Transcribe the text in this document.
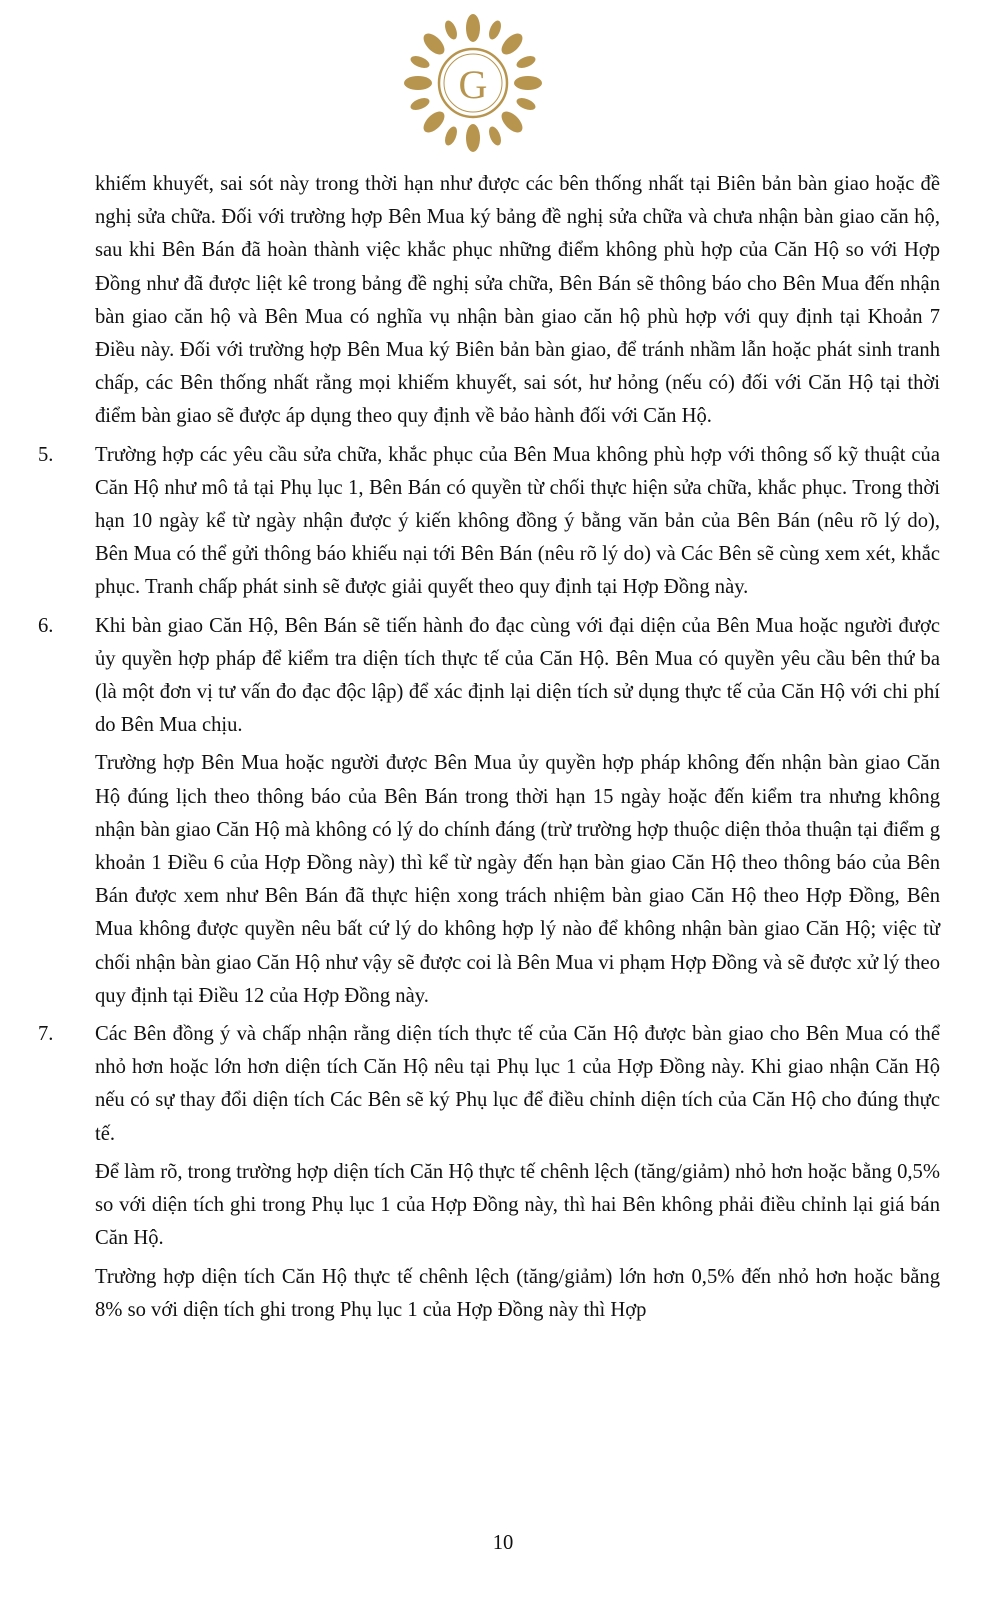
G

khiếm khuyết, sai sót này trong thời hạn như được các bên thống nhất tại Biên bản bàn giao hoặc đề nghị sửa chữa. Đối với trường hợp Bên Mua ký bảng đề nghị sửa chữa và chưa nhận bàn giao căn hộ, sau khi Bên Bán đã hoàn thành việc khắc phục những điểm không phù hợp của Căn Hộ so với Hợp Đồng như đã được liệt kê trong bảng đề nghị sửa chữa, Bên Bán sẽ thông báo cho Bên Mua đến nhận bàn giao căn hộ và Bên Mua có nghĩa vụ nhận bàn giao căn hộ phù hợp với quy định tại Khoản 7 Điều này. Đối với trường hợp Bên Mua ký Biên bản bàn giao, để tránh nhầm lẫn hoặc phát sinh tranh chấp, các Bên thống nhất rằng mọi khiếm khuyết, sai sót, hư hỏng (nếu có) đối với Căn Hộ tại thời điểm bàn giao sẽ được áp dụng theo quy định về bảo hành đối với Căn Hộ.

5. Trường hợp các yêu cầu sửa chữa, khắc phục của Bên Mua không phù hợp với thông số kỹ thuật của Căn Hộ như mô tả tại Phụ lục 1, Bên Bán có quyền từ chối thực hiện sửa chữa, khắc phục. Trong thời hạn 10 ngày kể từ ngày nhận được ý kiến không đồng ý bằng văn bản của Bên Bán (nêu rõ lý do), Bên Mua có thể gửi thông báo khiếu nại tới Bên Bán (nêu rõ lý do) và Các Bên sẽ cùng xem xét, khắc phục. Tranh chấp phát sinh sẽ được giải quyết theo quy định tại Hợp Đồng này.

6. Khi bàn giao Căn Hộ, Bên Bán sẽ tiến hành đo đạc cùng với đại diện của Bên Mua hoặc người được ủy quyền hợp pháp để kiểm tra diện tích thực tế của Căn Hộ. Bên Mua có quyền yêu cầu bên thứ ba (là một đơn vị tư vấn đo đạc độc lập) để xác định lại diện tích sử dụng thực tế của Căn Hộ với chi phí do Bên Mua chịu.

Trường hợp Bên Mua hoặc người được Bên Mua ủy quyền hợp pháp không đến nhận bàn giao Căn Hộ đúng lịch theo thông báo của Bên Bán trong thời hạn 15 ngày hoặc đến kiểm tra nhưng không nhận bàn giao Căn Hộ mà không có lý do chính đáng (trừ trường hợp thuộc diện thỏa thuận tại điểm g khoản 1 Điều 6 của Hợp Đồng này) thì kể từ ngày đến hạn bàn giao Căn Hộ theo thông báo của Bên Bán được xem như Bên Bán đã thực hiện xong trách nhiệm bàn giao Căn Hộ theo Hợp Đồng, Bên Mua không được quyền nêu bất cứ lý do không hợp lý nào để không nhận bàn giao Căn Hộ; việc từ chối nhận bàn giao Căn Hộ như vậy sẽ được coi là Bên Mua vi phạm Hợp Đồng và sẽ được xử lý theo quy định tại Điều 12 của Hợp Đồng này.

7. Các Bên đồng ý và chấp nhận rằng diện tích thực tế của Căn Hộ được bàn giao cho Bên Mua có thể nhỏ hơn hoặc lớn hơn diện tích Căn Hộ nêu tại Phụ lục 1 của Hợp Đồng này. Khi giao nhận Căn Hộ nếu có sự thay đổi diện tích Các Bên sẽ ký Phụ lục để điều chỉnh diện tích của Căn Hộ cho đúng thực tế.

Để làm rõ, trong trường hợp diện tích Căn Hộ thực tế chênh lệch (tăng/giảm) nhỏ hơn hoặc bằng 0,5% so với diện tích ghi trong Phụ lục 1 của Hợp Đồng này, thì hai Bên không phải điều chỉnh lại giá bán Căn Hộ.

Trường hợp diện tích Căn Hộ thực tế chênh lệch (tăng/giảm) lớn hơn 0,5% đến nhỏ hơn hoặc bằng 8% so với diện tích ghi trong Phụ lục 1 của Hợp Đồng này thì Hợp

10
